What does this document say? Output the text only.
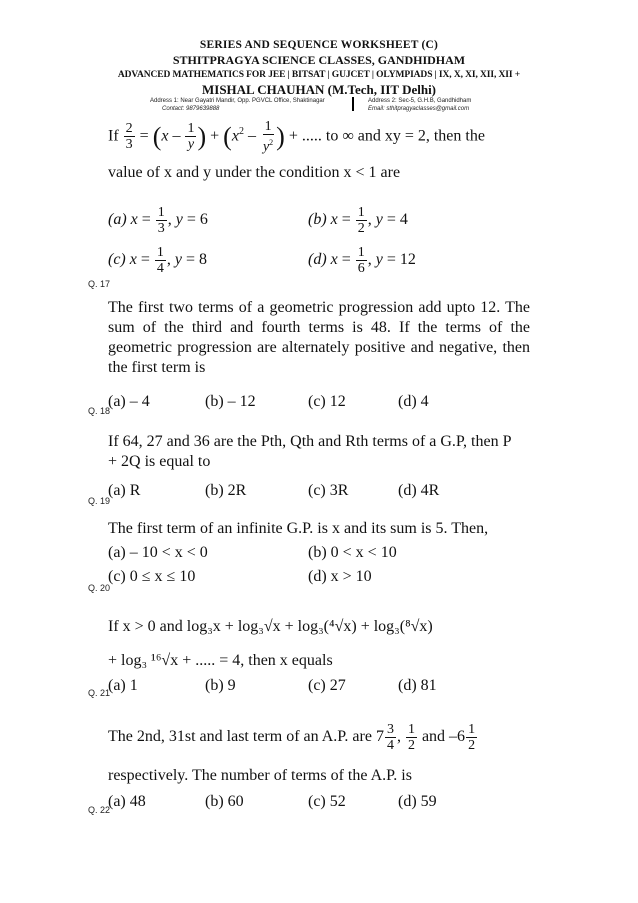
SERIES AND SEQUENCE WORKSHEET (C)
STHITPRAGYA SCIENCE CLASSES, GANDHIDHAM
ADVANCED MATHEMATICS FOR JEE | BITSAT | GUJCET | OLYMPIADS | IX, X, XI, XII, XII +
MISHAL CHAUHAN (M.Tech, IIT Delhi)
Address 1: Near Gayatri Mandir, Opp. PGVCL Office, Shaktinagar	Address 2: Sec-5, G.H.B, Gandhidham
Contact: 9879639888	Email: sthitpragyaclasses@gmail.com
If $\frac{2}{3} = (x - \frac{1}{y}$ ) + ($x^2 - \frac{1}{y^2}$ ) + ..... to ∞ and xy = 2, then the
value of x and y under the condition x < 1 are
(a) $x = \frac{1}{3}$ , y = 6	(b) $x = \frac{1}{2}$ , y = 4
(c) $x = \frac{1}{4}$ , y = 8	(d) $x = \frac{1}{6}$ , y = 12
Q. 17
The first two terms of a geometric progression add upto 12. The sum of the third and fourth terms is 48. If the terms of the geometric progression are alternately positive and negative, then the first term is
(a) – 4	(b) – 12	(c) 12	(d) 4
Q. 18
If 64, 27 and 36 are the Pth, Qth and Rth terms of a G.P, then P + 2Q is equal to
(a) R	(b) 2R	(c) 3R	(d) 4R
Q. 19
The first term of an infinite G.P. is x and its sum is 5. Then,
(a) – 10 < x < 0	(b) 0 < x < 10
(c) 0 ≤ x ≤ 10	(d) x > 10
Q. 20
If x > 0 and log₃x + log₃√x + log₃(⁴√x) + log₃(⁸√x)
+ log₃ ¹⁶√x + ..... = 4, then x equals
(a) 1	(b) 9	(c) 27	(d) 81
Q. 21
The 2nd, 31st and last term of an A.P. are $7 \frac{3}{4}$ , $\frac{1}{2}$ and $-6 \frac{1}{2}$
respectively. The number of terms of the A.P. is
(a) 48	(b) 60	(c) 52	(d) 59
Q. 22
